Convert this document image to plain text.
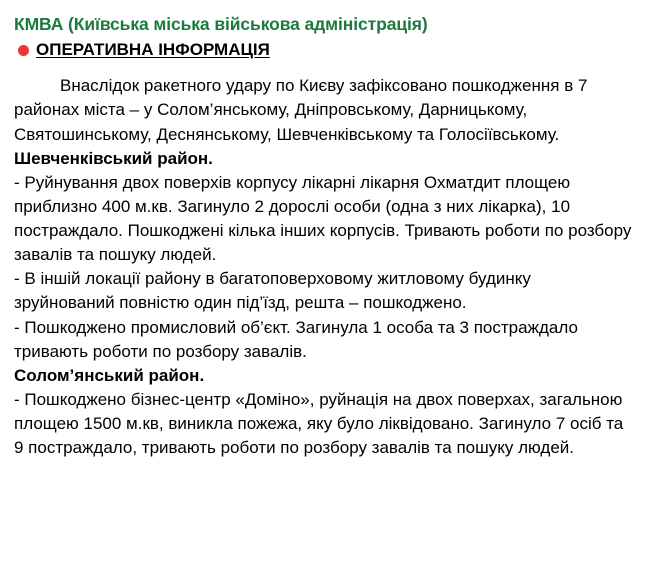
КМВА (Київська міська військова адміністрація)
ОПЕРАТИВНА ІНФОРМАЦІЯ

Внаслідок ракетного удару по Києву зафіксовано пошкодження в 7 районах міста – у Солом’янському, Дніпровському, Дарницькому, Святошинському, Деснянському, Шевченківському та Голосіївському.

Шевченківський район.

- Руйнування двох поверхів корпусу лікарні лікарня Охматдит площею приблизно 400 м.кв. Загинуло 2 дорослі особи (одна з них лікарка), 10 постраждало. Пошкоджені кілька інших корпусів. Тривають роботи по розбору завалів та пошуку людей.

- В іншій локації району в багатоповерховому житловому будинку зруйнований повністю один під’їзд, решта – пошкоджено.

- Пошкоджено промисловий об’єкт. Загинула 1 особа та 3 постраждало тривають роботи по розбору завалів.

Солом’янський район.

- Пошкоджено бізнес-центр «Доміно», руйнація на двох поверхах, загальною площею 1500 м.кв, виникла пожежа, яку було ліквідовано. Загинуло 7 осіб та 9 постраждало, тривають роботи по розбору завалів та пошуку людей.
